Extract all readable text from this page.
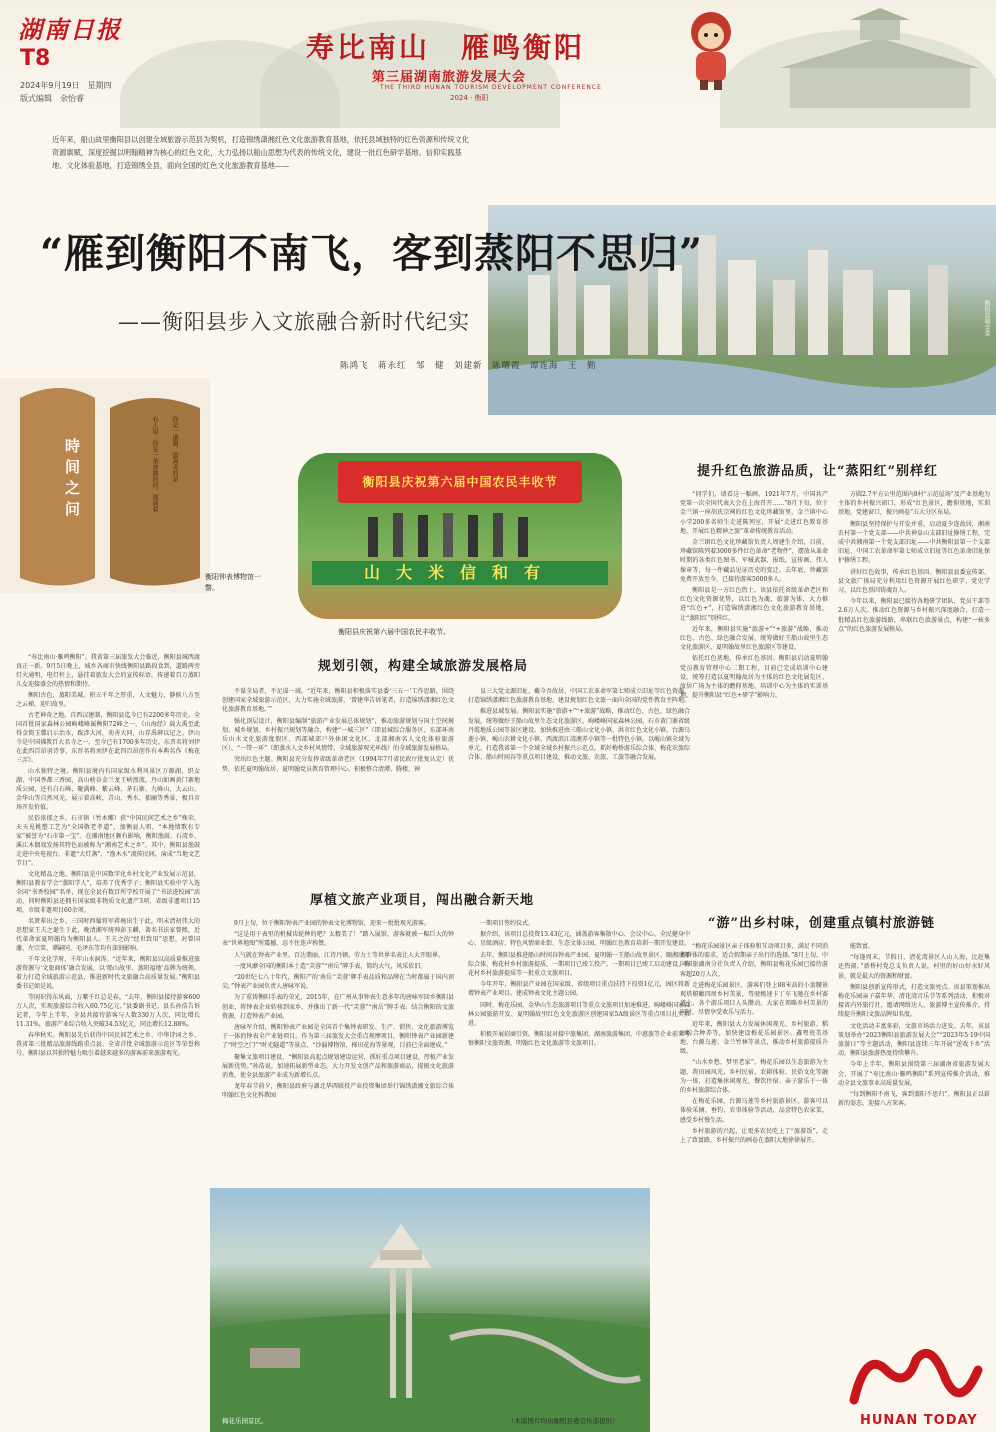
湖南日报
T8
2024年9月19日　星期四
版式编辑　余怡睿
寿比南山　雁鸣衡阳
第三届湖南旅游发展大会
THE THIRD HUNAN TOURISM DEVELOPMENT CONFERENCE
2024 · 衡阳
近年来，船山故里衡阳县以创建全域旅游示范县为契机，打造锦绣潇湘红色文化旅游教育基地，依托县域独特的红色资源和传统文化资源禀赋，深度挖掘以明翰精神为核心的红色文化，大力弘扬以船山思想为代表的传统文化，建设一批红色研学基地、信仰实践基地、文化体验基地，打造锦绣全县，面向全国的红色文化旅游教育基地——
衡阳县城全景
“雁到衡阳不南飞，客到蒸阳不思归”
——衡阳县步入文旅融合新时代纪实
陈鸿飞　蒋永红　邹　健　刘建新　陈曙霞　谭连海　王　勤
時间之问	有人说：你是一条奔腾的河，流淌着 你是一道题，最离奇的是
衡阳钟表博物馆一瞥。
衡阳县庆祝第六届中国农民丰收节
山大米信和有
衡阳县庆祝第六届中国农民丰收节。
规划引领，构建全域旅游发展格局
厚植文旅产业项目，闯出融合新天地
提升红色旅游品质，让“蒸阳红”别样红
“游”出乡村味，创建重点镇村旅游链

“寿比南山·雁鸣衡阳”。我省第三届旅发大会临近，衡阳县城西渡真正一新。9月5日晚上，城乡各商市快线衡阳县路段食到，道路两旁灯火通明，电灯杆上，悬挂着旅发大会的宣传标语，传递着百万蒸阳儿女迎接盛会的热情和期待。

衡阳古色，蒸阳美城。积五千年之厚重，人文魅力，静候八方至之云梯，迎归故里。

古老神奇之地。自西汉建制，衡阳县迄今已有2200多年历史。全国首批国家森林公园岣嵝峰属衡阳72峰之一，《山海经》载大禹至此得金简玉牒启示治水，跋涉大河，劝善大同，山存禹碑以记之。伊山寺是中国佛教百大名寺之一，至今已有1700多年历史。东晋名将刘伊在此四百昂羽诗事，东晋名将刘伊在此四百昂创作有本典名作《梅花三弄》。

山水独特之境。衡阳县境内有国家级水利风景区万源湖、织女湖、中国香都三香园，高山峡谷金兰龙王峡漂流，丹山如画黄门寨地质公园，还有白石峰、聚满峰、紫云峰、茅石寨、九峰山、大云山、金华山等自然风光，展示着高峡、青山、秀水、郁幽等秀景，极具市场开发价值。

民俗浓郁之乡。石市镇（竹木鄉）获“中国民间艺术之乡”殊荣，天天见桃塑工艺为“全国敬老孝道”，加衡县人唱，“本地情歌有专家”被誉为“石市第一宝”。在湘南地区颇有影响，衡阳渔鼓、石湾乡、溪江木偶戏发扬其特色而被称为“湘南艺术之乡”，其中，衡阳县渔鼓走进中央电视台，非遗“大灯盏”、“渔木水”流传民间，演成“当地文艺节目”。

文化精品之地。衡阳县是中国数字化乡村文化产业发展示范县，衡阳县教育学会“蒸阳学人”，培养了优秀学子；衡阳县实验中学入选全国“书香校园”名单，现在全县有数百所学校开展了“书法进校园”活动，同时衡阳县还拥有国家级非物质文化遗产3项、省级非遗项目15项，市级非遗项目60余项。

名贤辈出之乡。三国时西蜀将军蒋琬出生于此，明末清初伟大的思想家王夫之诞生于此，晚清湘军统帅彭玉麟，著名书法家曾熙，近代革命家夏明翰均为衡阳县人。王夫之的“经世致用”思想，对曾国藩、左宗棠、谭嗣同、毛泽东等均有深刻影响。

千年文化学府，千年山水洞涛。“近年来，衡阳县以高质量推进旅游资源与‘文旅商体’融合发展，以‘船山故里、蒸阳福地’品牌为统领，着力打造全域旅游示范县，推进新时代文旅融合高质量发展。”衡阳县委书记如是说。

等闲识得东风面，万紫千红总是春。“去年，衡阳县接待游客600万人次，实现旅游综合收入60.75亿元。”县委副书记、县长孙浩告诉记者，今年上半年，全县共接待游客与人数330万人次，同比增长11.31%，旅游产业综合收入突破34.53亿元，同比增长12.88%。

春华秋实。衡阳县先后获得中国民间艺术之乡、中华诗词之乡、我省第三批精品旅游线路重点县、全省首批全域旅游示范区等荣誉称号，衡阳县以其独特魅力吸引着越来越多的游客前来旅游观光。

不谋全局者，不足谋一域。“近年来，衡阳县积极落实县委‘三五一’工作思路，围绕创建国家全域旅游示范区，大力实施全域旅游，‘曾建华告诉笔者，打造锦绣潇湘红色文化旅游教育基地。’”

强化顶层设计，衡阳县编制“旅游产业发展总体规划”，推动旅游规划与国土空间规划、城乡规划、乡村振兴规划等融合，构建“一城三区”（即县城综合服务区、东部环南岳山水文化旅游度假区、西部城郊户外休闲文化区、北部湘南名人文化体验旅游区），“一带一环”（即蒸水人文乡村风情带，全域旅游观光环线）的全域旅游发展格局。

突出红色主题。衡阳县充分发挥省级革命老区（1994年7月省民政厅批复认定）优势，依托夏明翰故居、夏明翰党员教育管理中心、积极整合清潭、腾楼、神

皇三大党文源旧址、戴今吾故居、中国工农革命军第七师成立旧址等红色资源，打造锦绣潇湘红色旅游教育基地，建设规划红色文旅一面向全国的党性教育主阵地。

推进县域发展。衡阳县实施“旅游+”“+旅游”战略，推动红色、古色、绿色融合发展，统筹做好王船山故里生态文化旅游区、岣嵝峰国家森林公园、石市黄门寨省级丹霞地质公园等景区建设。加快推进由三船山文化小镇、洪市红色文化小镇、台源乌莲小镇、岘山农耕文化小镇、西渡滨江湾澳养小镇等一批特色小镇。以岘山镇全域为单元，打造我省第一个全域全域乡村振兴示范点。抓好梅桥游乐综合体、梅花农旅综合体、船山时间谷等重点项目建设，推动文旅、农旅、工旅等融合发展。

9月上旬，位于衡阳钟表产业园的钟表文化博物馆，迎来一批批观光游客。

“这是用于表里的机械齿轮种的吧？太精美了！”踏入展馆，游客就被一幅巨大的钟表“世界地图”所震撼，忍不住连声称赞。

人气就在钟表产业里。百达翡丽、江诗丹顿、劳力士等世界名表让人大开眼界。

一度风靡全国的衡阳本土造“芙蓉”“南岳”牌手表，简约大气，风采依旧。

“20世纪七八十年代，衡阳产的‘南岳’‘芙蓉’牌手表品质和品牌在当时都属于国内顶尖。”钟表产业园负责人唐咏军说。

为了重铸衡阳手表的荣光，2015年，在广州从事钟表生意多年的唐咏军回乡衡阳县创业，将钟表企业转移到家乡，并推出了新一代“芙蓉”“南岳”牌手表。结合衡阳的文旅资源，打造钟表产业园。

唐咏军介绍，衡阳钟表产业园是全国首个集钟表研发、生产、销售、文化旅游博览于一体的钟表全产业链项目。作为第三届旅发大会重点观摩项目，衡阳钟表产业园新建了“时空之门”“时光隧道”等景点，“沙漏博物馆、梯田花海等景观，目前已全面建成。”

聚集文旅项目建设，“衡阳县高起点规划建设运营，抓好重点项目建设，厚植产业发展新优势。”孙浩说，加速拓展新型业态，大力开发文创产品和旅游商品，提振文化旅游消费，使全县旅游产业成为新增长点。

龙年春节前夕，衡阳县政府与湖北华西联投产业投资集团举行锦绣潇湘文旅综合体明翰红色文化科教园

一期项目签约仪式。

据介绍，该项目总投资13.43亿元，涵盖游客集散中心、会议中心、全民健身中心、星级酒店、特色风情商业街、生态文体公园、明翰红色教育培训一期开发建设。

去年，衡阳县推进船山时间谷钟表产业园、夏明翰一王船山故里景区、颐湘康养综合体、梅花村乡村旅游提质，一期项目已竣工投产，一期项目已竣工启动建设，梅花村乡村旅游提质等一批重点文旅项目。

今年开年，衡阳县产业园在国家级、省级项目重点扶持下投资1亿元，园区将新增钟表产业项目、建成钟表文化主题公园。

同时，梅花乐园、金华山生态旅游项目等重点文旅项目加速推进，岣嵝峰国家森林公园旅游开发、夏明翰故里红色文化旅游区创建国家5A级景区等重点项目扎实推进。

积极开展招商引资。衡阳县对接中旅集团、湖南旅游集团、中惠旅等企业前来考察衡阳文旅资源，明翰红色文化旅游等文旅项目。

“同学们，请看这一幅画，1921年7月，中国共产党第一次全国代表大会在上海召开……”8月下旬，位于金兰镇一座胡氏宗祠的红色文化珍藏馆里，金兰镇中心小学200多名师生走进陈列室，开展“走进红色教育基地，开展红色精神之旅”革命传统教育活动。

金兰镇红色文化珍藏馆负责人周建生介绍，目前，珍藏馆陈列着3000多件红色革命“老物件”，摆放从革命时期的各类红色图书、军械武器、报纸、宣传画、伟人像章等，每一件藏品见证历史的变迁。去年底，珍藏馆免费开放至今，已接待游客5000多人。

衡阳县是一方红色热土。该县依托省级革命老区和红色文化资源优势，以红色为魂，旅游为体，大力推进“红色+”，打造锦绣潇湘红色文化旅游教育基地，让“蒸阳红”别样红。

近年来，衡阳县实施“旅游+”“+旅游”战略，推动红色、古色、绿色融合发展，统筹做好王船山故里生态文化旅游区、夏明翰故里红色旅游区等建设。

依托红色基地，传承红色基因。衡阳县启动夏明翰党员教育管理中心二期工程，目前已完成培训中心建设，统筹打造以夏明翰故居为主体的红色文化展览区、故居广场为主体的瞻仰基地、培训中心为主体的实训基地，提升衡阳县“红色+研学”影响力。

方圆2.7平方公里范围内8村“示范屋场”及产业基地为主体的乡村振兴窗口，形成“红色景区，瞻仰基地，实训基地，党建窗口，振兴画卷”五大分区布局。

衡阳县坚持保护与开发并重。启动夏少连故居，湘南农村第一个党支部——中共神皇山支部旧址修缮工程，完成中共湘南第一个党支部旧址——中共衡阳县第一个支部旧址、中国工农革命军第七师成立旧址等红色革命旧址保护修缮工程。

讲好红色故事，传承红色基因。衡阳县县委宣传部、县文旅广体局充分利用红色资源开展红色研学、党史学习，以红色基因铸魂育人。

今年以来，衡阳县已接待各地研学团队、党员干部等2.6万人次。推动红色资源与乡村振兴深度融合，打造一批精品红色旅游线路，串联红色旅游景点，构建“一核多点”的红色旅游发展格局。

“梅花乐园景区亲子体验和互动项目多，满足不同消费群体的需求，适合假期亲子出行的选择。”8月上旬，中国国旅湖南分社负责人介绍，衡阳县梅花乐园已接待游客超20万人次。

走进梅花乐园景区，游客们登上88米高的小蛮腰景观塔俯瞰四周乡村美景，驾驶极速卡丁车飞驰在乡村赛道上，各个游乐项目人头攒动。大家在领略乡村美景的同时，尽情享受欢乐与活力。

近年来，衡阳县大力发展休闲观光、乡村旅游、稻田综合种养等，加快建设梅花乐园景区、鑫粤瓷美基地、台源乌莲、金兰竹林等景点，推动乡村旅游提质升级。

“山水乡愁，梦里老家”。梅花乐园以生态旅游为主题，将田园风光、乡村民宿、农耕体验、民俗文化等融为一体，打造集休闲观光、餐饮住宿、亲子游乐于一体的乡村旅游综合体。

在梅花乐园、台源乌莲等乡村旅游景区，游客可以体验采摘、垂钓、农事体验等活动，品尝特色农家菜，感受乡村慢生活。

乡村旅游的兴起，让更多农民吃上了“旅游饭”，走上了致富路，乡村振兴的画卷在蒸阳大地徐徐展开。

能致富。

“每逢周末、节假日，清花湾景区人山人海，比赶集还热闹。”新桥村党总支负责人说，村里的好山好水好风景，就是最大的资源和财富。

衡阳县创新宣传形式，打造文旅亮点。该县策划推出梅花乐园亲子嘉年华、清花湾音乐节等系列活动，积极对接省内外旅行社，邀请网络达人、旅游博主宣传推介，持续提升衡阳文旅品牌知名度。

文化活动丰富多彩，文旅市场活力迸发。去年，该县策划举办“2023衡阳县旅游发展大会”“2023年5·19中国旅游日”等主题活动，衡阳县连续三年开展“送戏下乡”活动，衡阳县旅游热度持续攀升。

今年上半年，衡阳县围绕第三届湖南省旅游发展大会，开展了“寿比南山·雁鸣衡阳”系列宣传推介活动，推动全县文旅事业高质量发展。

“每到衡阳不南飞，客到蒸阳不思归”。衡阳县正以崭新的姿态，迎接八方来客。

梅花乐园景区。	（本版图片均由衡阳县委宣传部提供）	HUNAN TODAY
